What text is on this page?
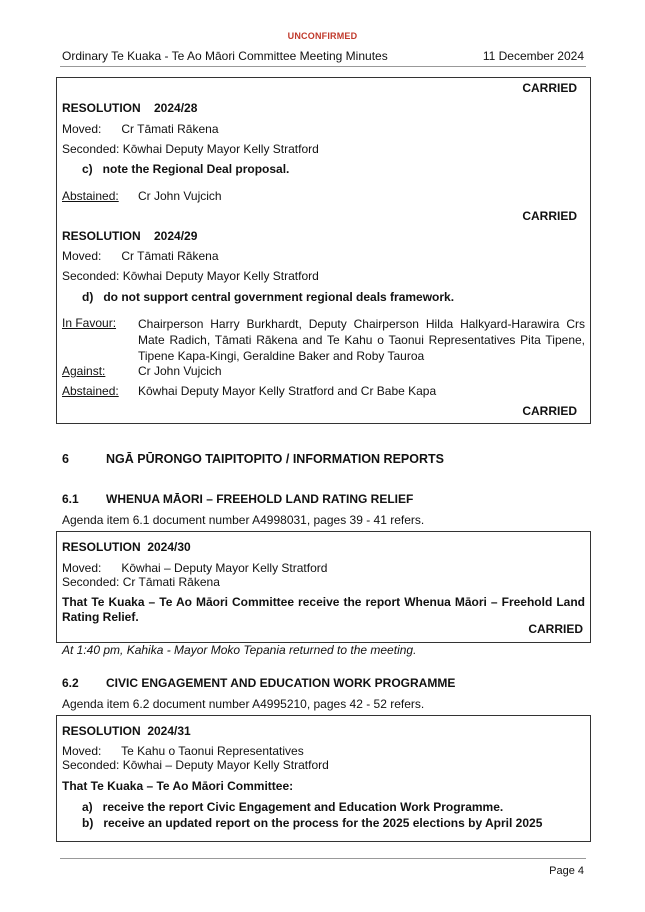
UNCONFIRMED
Ordinary Te Kuaka - Te Ao Māori Committee Meeting Minutes	11 December 2024
CARRIED
RESOLUTION    2024/28
Moved:      Cr Tāmati Rākena
Seconded: Kōwhai Deputy Mayor Kelly Stratford
c)   note the Regional Deal proposal.
Abstained: Cr John Vujcich
CARRIED
RESOLUTION    2024/29
Moved:      Cr Tāmati Rākena
Seconded: Kōwhai Deputy Mayor Kelly Stratford
d)   do not support central government regional deals framework.
In Favour: Chairperson Harry Burkhardt, Deputy Chairperson Hilda Halkyard-Harawira Crs Mate Radich, Tāmati Rākena and Te Kahu o Taonui Representatives Pita Tipene, Tipene Kapa-Kingi, Geraldine Baker and Roby Tauroa
Against:	Cr John Vujcich
Abstained: Kōwhai Deputy Mayor Kelly Stratford and Cr Babe Kapa
CARRIED
6	NGĀ PŪRONGO TAIPITOPITO / INFORMATION REPORTS
6.1 WHENUA MĀORI – FREEHOLD LAND RATING RELIEF
Agenda item 6.1 document number A4998031, pages 39 - 41 refers.
RESOLUTION  2024/30
Moved:      Kōwhai – Deputy Mayor Kelly Stratford
Seconded: Cr Tāmati Rākena
That Te Kuaka – Te Ao Māori Committee receive the report Whenua Māori – Freehold Land Rating Relief.
CARRIED
At 1:40 pm, Kahika - Mayor Moko Tepania returned to the meeting.
6.2 CIVIC ENGAGEMENT AND EDUCATION WORK PROGRAMME
Agenda item 6.2 document number A4995210, pages 42 - 52 refers.
RESOLUTION  2024/31
Moved:      Te Kahu o Taonui Representatives
Seconded: Kōwhai – Deputy Mayor Kelly Stratford
That Te Kuaka – Te Ao Māori Committee:
a)   receive the report Civic Engagement and Education Work Programme.
b)   receive an updated report on the process for the 2025 elections by April 2025
Page 4
